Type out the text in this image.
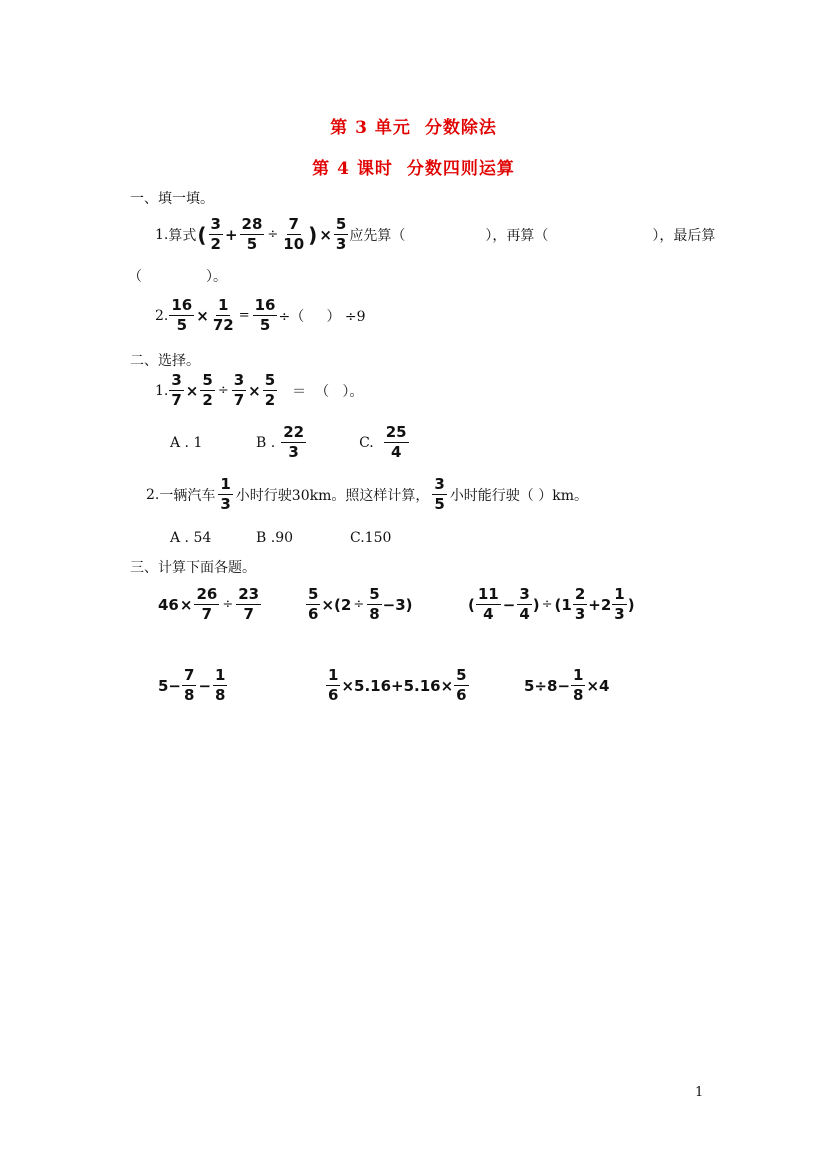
第 3 单元 分数除法
第 4 课时 分数四则运算
一、填一填。
1. 算式 ( $\frac{3}{2} + \frac{28}{5} \div \frac{7}{10}$ ) × $\frac{5}{3}$ 应先算（	），再算（	），最后算
（	）。
2. $\frac{16}{5} \times \frac{1}{72} = \frac{16}{5}$ ÷（     ） ÷9
二、选择。
1. $\frac{3}{7} \times \frac{5}{2} \div \frac{3}{7} \times \frac{5}{2}$ ＝  （   ）。
A . 1	B . $\frac{22}{3}$	C. $\frac{25}{4}$
2. 一辆汽车 $\frac{1}{3}$ 小时行驶30km。照这样计算， $\frac{3}{5}$ 小时能行驶（ ）km。
A . 54	B .90	C.150
三、计算下面各题。
$46 \times \frac{26}{7} \div \frac{23}{7}$	$\frac{5}{6} \times(2 \div \frac{5}{8} -3)$	( $\frac{11}{4} - \frac{3}{4}$ ) ÷ ($1 \frac{2}{3} +2 \frac{1}{3}$ )
$5- \frac{7}{8} - \frac{1}{8}$	$\frac{1}{6} \times 5.16+5.16\times \frac{5}{6}$	$5\div 8- \frac{1}{8} \times 4$
1
